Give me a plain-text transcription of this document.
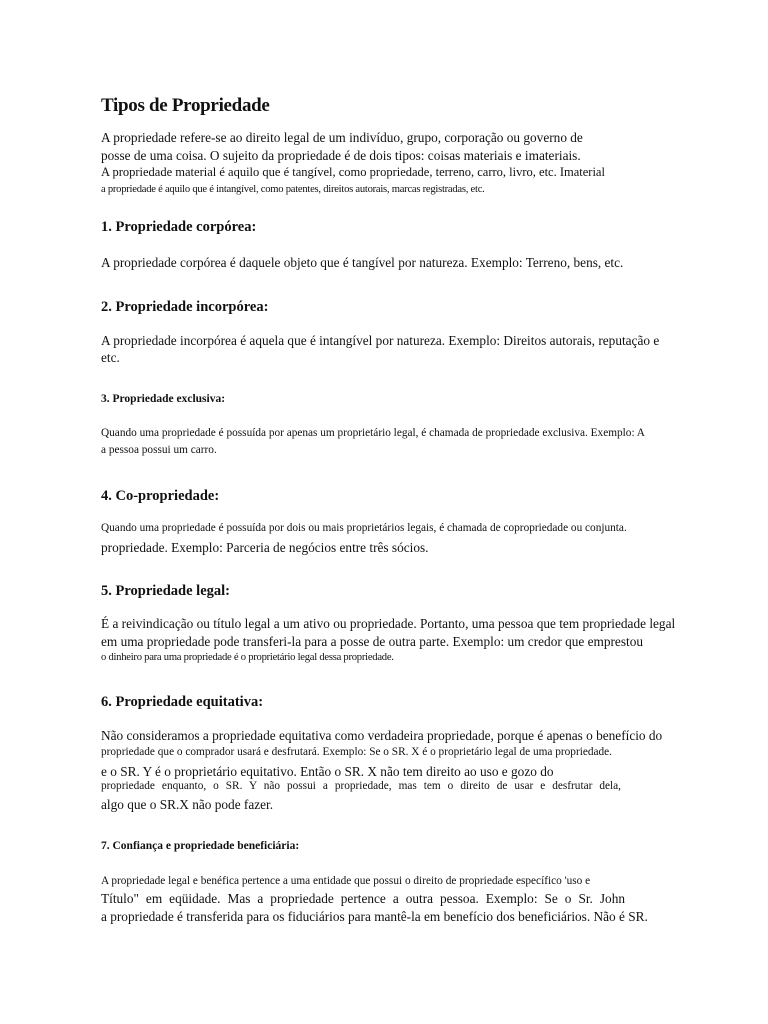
Tipos de Propriedade

A propriedade refere-se ao direito legal de um indivíduo, grupo, corporação ou governo de

posse de uma coisa. O sujeito da propriedade é de dois tipos: coisas materiais e imateriais.

A propriedade material é aquilo que é tangível, como propriedade, terreno, carro, livro, etc. Imaterial

a propriedade é aquilo que é intangível, como patentes, direitos autorais, marcas registradas, etc.

1. Propriedade corpórea:

A propriedade corpórea é daquele objeto que é tangível por natureza. Exemplo: Terreno, bens, etc.

2. Propriedade incorpórea:

A propriedade incorpórea é aquela que é intangível por natureza. Exemplo: Direitos autorais, reputação e

etc.

3. Propriedade exclusiva:

Quando uma propriedade é possuída por apenas um proprietário legal, é chamada de propriedade exclusiva. Exemplo: A

a pessoa possui um carro.

4. Co-propriedade:

Quando uma propriedade é possuída por dois ou mais proprietários legais, é chamada de copropriedade ou conjunta.

propriedade. Exemplo: Parceria de negócios entre três sócios.

5. Propriedade legal:

É a reivindicação ou título legal a um ativo ou propriedade. Portanto, uma pessoa que tem propriedade legal

em uma propriedade pode transferi-la para a posse de outra parte. Exemplo: um credor que emprestou

o dinheiro para uma propriedade é o proprietário legal dessa propriedade.

6. Propriedade equitativa:

Não consideramos a propriedade equitativa como verdadeira propriedade, porque é apenas o benefício do

propriedade que o comprador usará e desfrutará. Exemplo: Se o SR. X é o proprietário legal de uma propriedade.

e o SR. Y é o proprietário equitativo. Então o SR. X não tem direito ao uso e gozo do

propriedade enquanto, o SR. Y não possui a propriedade, mas tem o direito de usar e desfrutar dela,

algo que o SR.X não pode fazer.

7. Confiança e propriedade beneficiária:

A propriedade legal e benéfica pertence a uma entidade que possui o direito de propriedade específico 'uso e

Título" em eqüidade. Mas a propriedade pertence a outra pessoa. Exemplo: Se o Sr. John

a propriedade é transferida para os fiduciários para mantê-la em benefício dos beneficiários. Não é SR.
